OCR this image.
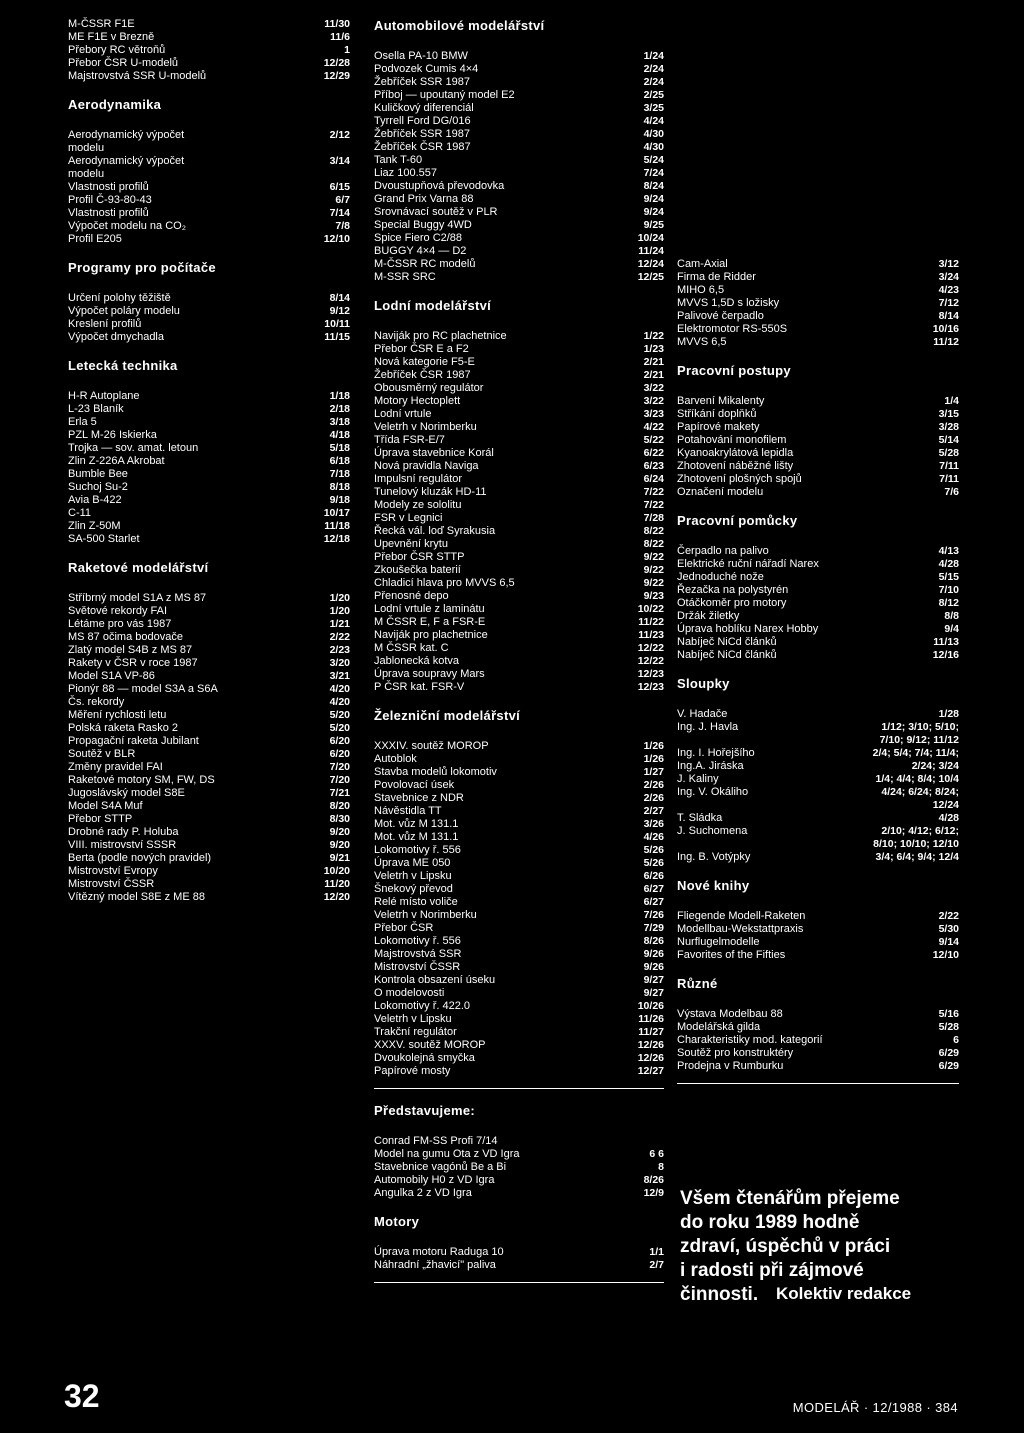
M-ČSSR F1E	11/30
ME F1E v Brezně	11/6
Přebory RC větroňů	1
Přebor ČSR U-modelů	12/28
Majstrovstvá SSR U-modelů	12/29
Aerodynamika
Aerodynamický výpočet
modelu
2/12
Aerodynamický výpočet
modelu
3/14
Vlastnosti profilů	6/15
Profil Č-93-80-43	6/7
Vlastnosti profilů	7/14
Výpočet modelu na CO₂	7/8
Profil E205	12/10
Programy pro počítače
Určení polohy těžiště	8/14
Výpočet poláry modelu	9/12
Kreslení profilů	10/11
Výpočet dmychadla	11/15
Letecká technika
H-R Autoplane	1/18
L-23 Blaník	2/18
Erla 5	3/18
PZL M-26 Iskierka	4/18
Trojka — sov. amat. letoun	5/18
Zlin Z-226A Akrobat	6/18
Bumble Bee	7/18
Suchoj Su-2	8/18
Avia B-422	9/18
C-11	10/17
Zlin Z-50M	11/18
SA-500 Starlet	12/18
Raketové modelářství
Stříbrný model S1A z MS 87	1/20
Světové rekordy FAI	1/20
Létáme pro vás 1987	1/21
MS 87 očima bodovače	2/22
Zlatý model S4B z MS 87	2/23
Rakety v ČSR v roce 1987	3/20
Model S1A VP-86	3/21
Pionýr 88 — model S3A a S6A	4/20
Čs. rekordy	4/20
Měření rychlosti letu	5/20
Polská raketa Rasko 2	5/20
Propagační raketa Jubilant	6/20
Soutěž v BLR	6/20
Změny pravidel FAI	7/20
Raketové motory SM, FW, DS	7/20
Jugoslávský model S8E	7/21
Model S4A Muf	8/20
Přebor STTP	8/30
Drobné rady P. Holuba	9/20
VIII. mistrovství SSSR	9/20
Berta (podle nových pravidel)	9/21
Mistrovství Evropy	10/20
Mistrovství ČSSR	11/20
Vítězný model S8E z ME 88	12/20
Automobilové modelářství
Osella PA-10 BMW	1/24
Podvozek Cumis 4×4	2/24
Žebříček SSR 1987	2/24
Příboj — upoutaný model E2	2/25
Kuličkový diferenciál	3/25
Tyrrell Ford DG/016	4/24
Žebříček SSR 1987	4/30
Žebříček ČSR 1987	4/30
Tank T-60	5/24
Liaz 100.557	7/24
Dvoustupňová převodovka	8/24
Grand Prix Varna 88	9/24
Srovnávací soutěž v PLR	9/24
Special Buggy 4WD	9/25
Spice Fiero C2/88	10/24
BUGGY 4×4 — D2	11/24
M-ČSSR RC modelů	12/24
M-SSR SRC	12/25
Lodní modelářství
Naviják pro RC plachetnice	1/22
Přebor ČSR E a F2	1/23
Nová kategorie F5-E	2/21
Žebříček ČSR 1987	2/21
Obousměrný regulátor	3/22
Motory Hectoplett	3/22
Lodní vrtule	3/23
Veletrh v Norimberku	4/22
Třída FSR-E/7	5/22
Úprava stavebnice Korál	6/22
Nová pravidla Naviga	6/23
Impulsní regulátor	6/24
Tunelový kluzák HD-11	7/22
Modely ze sololitu	7/22
FSR v Legnici	7/28
Řecká vál. loď Syrakusia	8/22
Upevnění krytu	8/22
Přebor ČSR STTP	9/22
Zkoušečka baterií	9/22
Chladicí hlava pro MVVS 6,5	9/22
Přenosné depo	9/23
Lodní vrtule z laminátu	10/22
M ČSSR E, F a FSR-E	11/22
Naviják pro plachetnice	11/23
M ČSSR kat. C	12/22
Jablonecká kotva	12/22
Úprava soupravy Mars	12/23
P ČSR kat. FSR-V	12/23
Železniční modelářství
XXXIV. soutěž MOROP	1/26
Autoblok	1/26
Stavba modelů lokomotiv	1/27
Povolovací úsek	2/26
Stavebnice z NDR	2/26
Návěstidla TT	2/27
Mot. vůz M 131.1	3/26
Mot. vůz M 131.1	4/26
Lokomotivy ř. 556	5/26
Úprava ME 050	5/26
Veletrh v Lipsku	6/26
Šnekový převod	6/27
Relé místo voliče	6/27
Veletrh v Norimberku	7/26
Přebor ČSR	7/29
Lokomotivy ř. 556	8/26
Majstrovstvá SSR	9/26
Mistrovství ČSSR	9/26
Kontrola obsazení úseku	9/27
O modelovosti	9/27
Lokomotivy ř. 422.0	10/26
Veletrh v Lipsku	11/26
Trakční regulátor	11/27
XXXV. soutěž MOROP	12/26
Dvoukolejná smyčka	12/26
Papírové mosty	12/27
Představujeme:
Conrad FM-SS Profi 7/14
Model na gumu Ota z VD Igra	6 6
Stavebnice vagónů Be a Bi	8
Automobily H0 z VD Igra	8/26
Angulka 2 z VD Igra	12/9
Motory
Úprava motoru Raduga 10	1/1
Náhradní „žhavicí" paliva	2/7
Cam-Axial	3/12
Firma de Ridder	3/24
MIHO 6,5	4/23
MVVS 1,5D s ložisky	7/12
Palivové čerpadlo	8/14
Elektromotor RS-550S	10/16
MVVS 6,5	11/12
Pracovní postupy
Barvení Mikalenty	1/4
Stříkání doplňků	3/15
Papírové makety	3/28
Potahování monofilem	5/14
Kyanoakrylátová lepidla	5/28
Zhotovení náběžné lišty	7/11
Zhotovení plošných spojů	7/11
Označení modelu	7/6
Pracovní pomůcky
Čerpadlo na palivo	4/13
Elektrické ruční nářadí Narex	4/28
Jednoduché nože	5/15
Řezačka na polystyrén	7/10
Otáčkoměr pro motory	8/12
Držák žiletky	8/8
Úprava hoblíku Narex Hobby	9/4
Nabíječ NiCd článků	11/13
Nabíječ NiCd článků	12/16
Sloupky
V. Hadače	1/28
Ing. J. Havla	1/12; 3/10; 5/10;
7/10; 9/12; 11/12
Ing. I. Hořejšího	2/4; 5/4; 7/4; 11/4;
Ing.A. Jiráska	2/24; 3/24
J. Kaliny	1/4; 4/4; 8/4; 10/4
Ing. V. Okáliho	4/24; 6/24; 8/24;
12/24
T. Sládka	4/28
J. Suchomena	2/10; 4/12; 6/12;
8/10; 10/10; 12/10
Ing. B. Votýpky	3/4; 6/4; 9/4; 12/4
Nové knihy
Fliegende Modell-Raketen	2/22
Modellbau-Wekstattpraxis	5/30
Nurflugelmodelle	9/14
Favorites of the Fifties	12/10
Různé
Výstava Modelbau 88	5/16
Modelářská gilda	5/28
Charakteristiky mod. kategorií	6
Soutěž pro konstruktéry	6/29
Prodejna v Rumburku	6/29
Všem čtenářům přejeme
do roku 1989 hodně
zdraví, úspěchů v práci
i radosti při zájmové
činnosti.	Kolektiv redakce
32	MODELÁŘ · 12/1988 · 384
